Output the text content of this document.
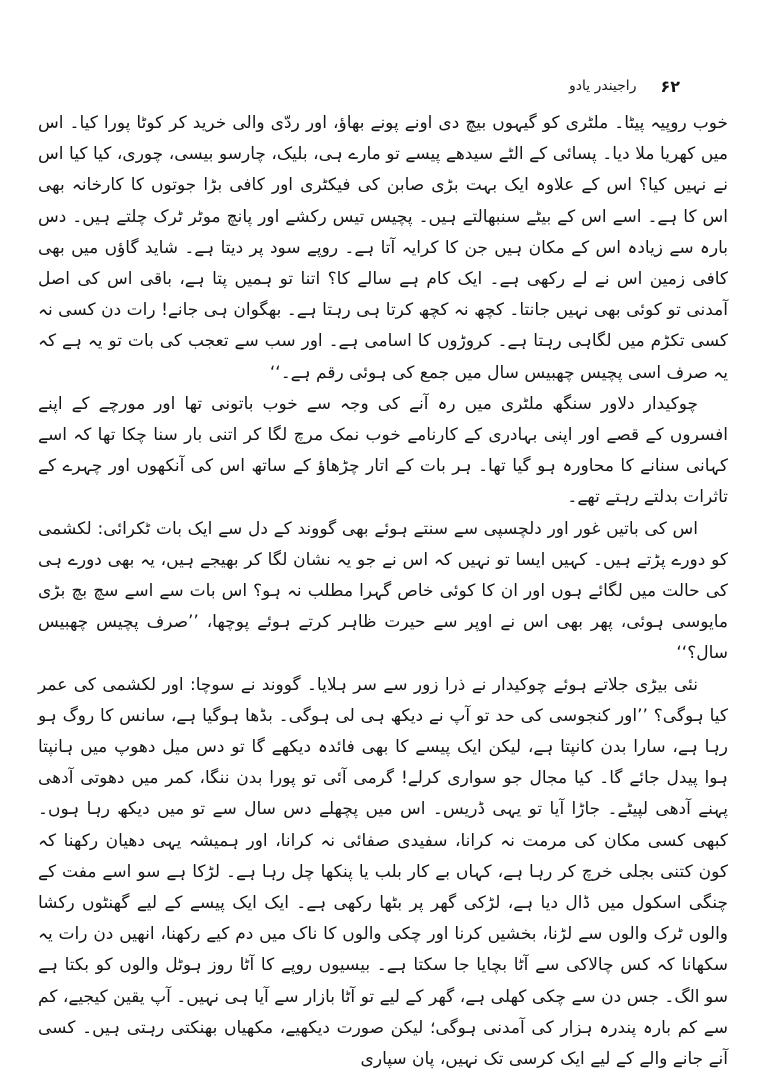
۶۲
راجیندر یادو

خوب روپیہ پیٹا۔ ملٹری کو گیہوں بیچ دی اونے پونے بھاؤ، اور ردّی والی خرید کر کوٹا پورا کیا۔ اس میں کھریا ملا دیا۔ پسائی کے الٹے سیدھے پیسے تو مارے ہی، بلیک، چارسو بیسی، چوری، کیا کیا اس نے نہیں کیا؟ اس کے علاوہ ایک بہت بڑی صابن کی فیکٹری اور کافی بڑا جوتوں کا کارخانہ بھی اس کا ہے۔ اسے اس کے بیٹے سنبھالتے ہیں۔ پچیس تیس رکشے اور پانچ موٹر ٹرک چلتے ہیں۔ دس بارہ سے زیادہ اس کے مکان ہیں جن کا کرایہ آتا ہے۔ روپے سود پر دیتا ہے۔ شاید گاؤں میں بھی کافی زمین اس نے لے رکھی ہے۔ ایک کام ہے سالے کا؟ اتنا تو ہمیں پتا ہے، باقی اس کی اصل آمدنی تو کوئی بھی نہیں جانتا۔ کچھ نہ کچھ کرتا ہی رہتا ہے۔ بھگوان ہی جانے! رات دن کسی نہ کسی تکڑم میں لگاہی رہتا ہے۔ کروڑوں کا اسامی ہے۔ اور سب سے تعجب کی بات تو یہ ہے کہ یہ صرف اسی پچیس چھبیس سال میں جمع کی ہوئی رقم ہے۔‘‘

چوکیدار دلاور سنگھ ملٹری میں رہ آنے کی وجہ سے خوب باتونی تھا اور مورچے کے اپنے افسروں کے قصے اور اپنی بہادری کے کارنامے خوب نمک مرچ لگا کر اتنی بار سنا چکا تھا کہ اسے کہانی سنانے کا محاورہ ہو گیا تھا۔ ہر بات کے اتار چڑھاؤ کے ساتھ اس کی آنکھوں اور چہرے کے تاثرات بدلتے رہتے تھے۔

اس کی باتیں غور اور دلچسپی سے سنتے ہوئے بھی گووند کے دل سے ایک بات ٹکرائی: لکشمی کو دورے پڑتے ہیں۔ کہیں ایسا تو نہیں کہ اس نے جو یہ نشان لگا کر بھیجے ہیں، یہ بھی دورے ہی کی حالت میں لگائے ہوں اور ان کا کوئی خاص گہرا مطلب نہ ہو؟ اس بات سے اسے سچ بچ بڑی مایوسی ہوئی، پھر بھی اس نے اوپر سے حیرت ظاہر کرتے ہوئے پوچھا، ’’صرف پچیس چھبیس سال؟‘‘

نئی بیڑی جلاتے ہوئے چوکیدار نے ذرا زور سے سر ہلایا۔ گووند نے سوچا: اور لکشمی کی عمر کیا ہوگی؟ ’’اور کنجوسی کی حد تو آپ نے دیکھ ہی لی ہوگی۔ بڈھا ہوگیا ہے، سانس کا روگ ہو رہا ہے، سارا بدن کانپتا ہے، لیکن ایک پیسے کا بھی فائدہ دیکھے گا تو دس میل دھوپ میں ہانپتا ہوا پیدل جائے گا۔ کیا مجال جو سواری کرلے! گرمی آئی تو پورا بدن ننگا، کمر میں دھوتی آدھی پہنے آدھی لپیٹے۔ جاڑا آیا تو یہی ڈریس۔ اس میں پچھلے دس سال سے تو میں دیکھ رہا ہوں۔ کبھی کسی مکان کی مرمت نہ کرانا، سفیدی صفائی نہ کرانا، اور ہمیشہ یہی دھیان رکھنا کہ کون کتنی بجلی خرچ کر رہا ہے، کہاں بے کار بلب یا پنکھا چل رہا ہے۔ لڑکا ہے سو اسے مفت کے چنگی اسکول میں ڈال دیا ہے، لڑکی گھر پر بٹھا رکھی ہے۔ ایک ایک پیسے کے لیے گھنٹوں رکشا والوں ٹرک والوں سے لڑنا، بخشیں کرنا اور چکی والوں کا ناک میں دم کیے رکھنا، انھیں دن رات یہ سکھانا کہ کس چالاکی سے آٹا بچایا جا سکتا ہے۔ بیسیوں روپے کا آٹا روز ہوٹل والوں کو بکتا ہے سو الگ۔ جس دن سے چکی کھلی ہے، گھر کے لیے تو آٹا بازار سے آیا ہی نہیں۔ آپ یقین کیجیے، کم سے کم بارہ پندرہ ہزار کی آمدنی ہوگی؛ لیکن صورت دیکھیے، مکھیاں بھنکتی رہتی ہیں۔ کسی آنے جانے والے کے لیے ایک کرسی تک نہیں، پان سپاری
